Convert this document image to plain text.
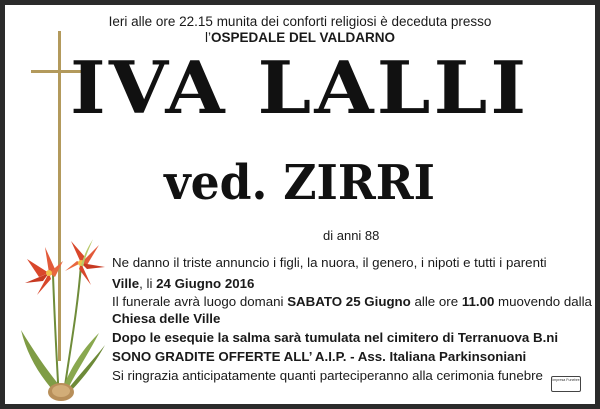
Ieri alle ore 22.15 munita dei conforti religiosi è deceduta presso
l’OSPEDALE DEL VALDARNO
IVA LALLI
ved. ZIRRI
di anni 88
Ne danno il triste annuncio i figli, la nuora, il genero, i nipoti e tutti i parenti
Ville, li 24 Giugno 2016
Il funerale avrà luogo domani SABATO 25 Giugno alle ore 11.00 muovendo dalla
Chiesa delle Ville
Dopo le esequie la salma sarà tumulata nel cimitero di Terranuova B.ni
SONO GRADITE OFFERTE ALL’ A.I.P. - Ass. Italiana Parkinsoniani
Si ringrazia anticipatamente quanti parteciperanno alla cerimonia funebre	Impresa Funebre
